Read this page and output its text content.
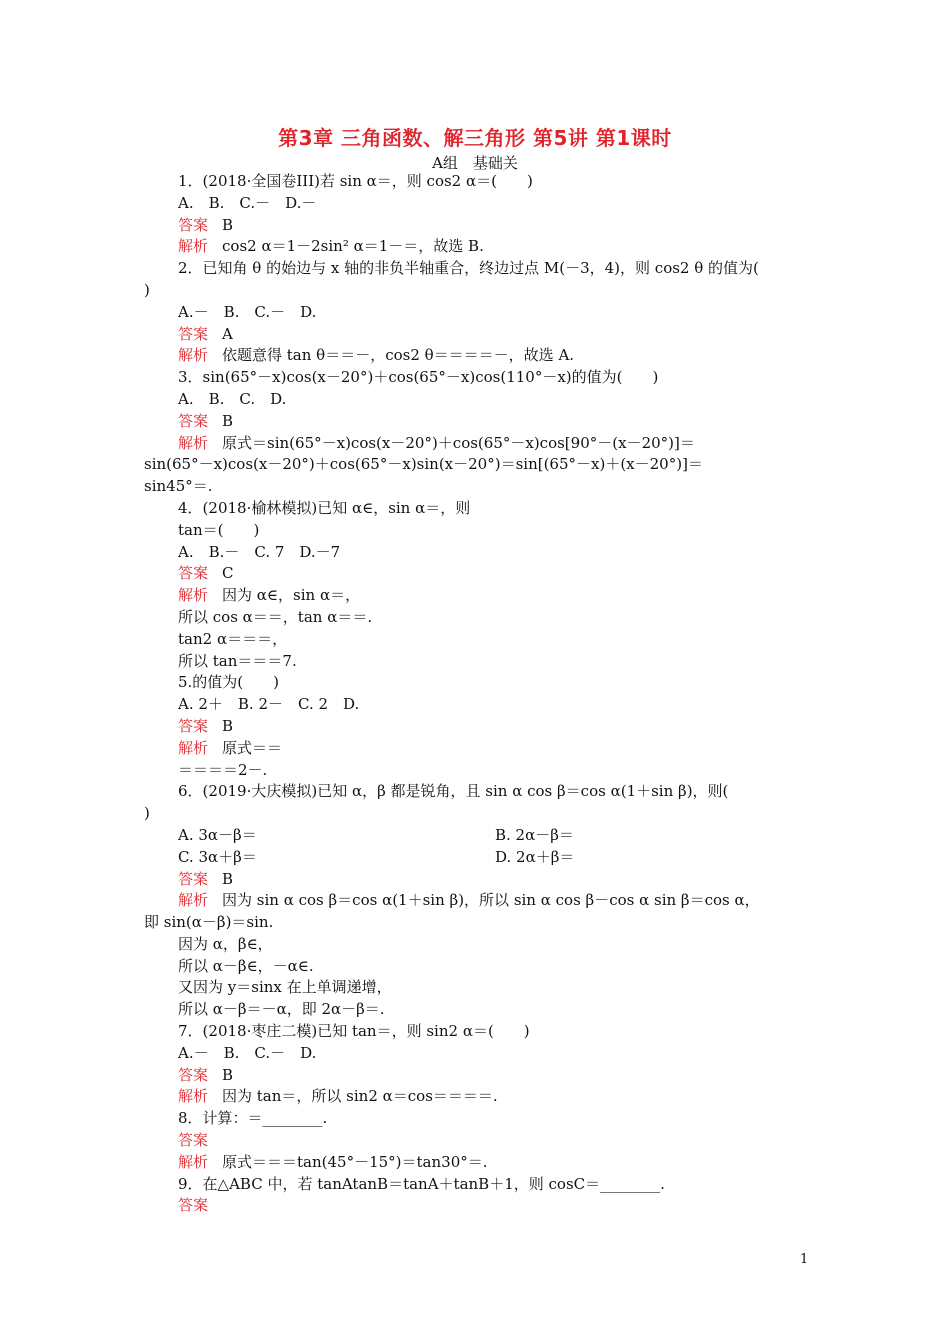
第3章 三角函数、解三角形 第5讲 第1课时
A组　基础关
1．(2018·全国卷III)若 sin α＝，则 cos2 α＝(　　)
A.　B.　C.－　D.－
答案 B
解析 cos2 α＝1－2sin² α＝1－＝，故选 B.
2．已知角 θ 的始边与 x 轴的非负半轴重合，终边过点 M(－3，4)，则 cos2 θ 的值为(
)
A.－　B.　C.－　D.
答案 A
解析 依题意得 tan θ＝＝－，cos2 θ＝＝＝＝－，故选 A.
3．sin(65°－x)cos(x－20°)＋cos(65°－x)cos(110°－x)的值为(　　)
A.　B.　C.　D.
答案 B
解析 原式＝sin(65°－x)cos(x－20°)＋cos(65°－x)cos[90°－(x－20°)]＝
sin(65°－x)cos(x－20°)＋cos(65°－x)sin(x－20°)＝sin[(65°－x)＋(x－20°)]＝
sin45°＝.
4．(2018·榆林模拟)已知 α∈，sin α＝，则
tan＝(　　)
A.　B.－　C. 7　D.－7
答案 C
解析 因为 α∈，sin α＝，
所以 cos α＝＝，tan α＝＝.
tan2 α＝＝＝，
所以 tan＝＝＝7.
5.的值为(　　)
A. 2＋　B. 2－　C. 2　D.
答案 B
解析 原式＝＝
＝＝＝＝2－.
6．(2019·大庆模拟)已知 α，β 都是锐角，且 sin α cos β＝cos α(1＋sin β)，则(
)
A. 3α－β＝	B. 2α－β＝
C. 3α＋β＝	D. 2α＋β＝
答案 B
解析 因为 sin α cos β＝cos α(1＋sin β)，所以 sin α cos β－cos α sin β＝cos α，
即 sin(α－β)＝sin.
因为 α，β∈，
所以 α－β∈，－α∈.
又因为 y＝sinx 在上单调递增，
所以 α－β＝－α，即 2α－β＝.
7．(2018·枣庄二模)已知 tan＝，则 sin2 α＝(　　)
A.－　B.　C.－　D.
答案 B
解析 因为 tan＝，所以 sin2 α＝cos＝＝＝＝.
8．计算：＝________.
答案
解析 原式＝＝＝tan(45°－15°)＝tan30°＝.
9．在△ABC 中，若 tanAtanB＝tanA＋tanB＋1，则 cosC＝________.
答案
1
